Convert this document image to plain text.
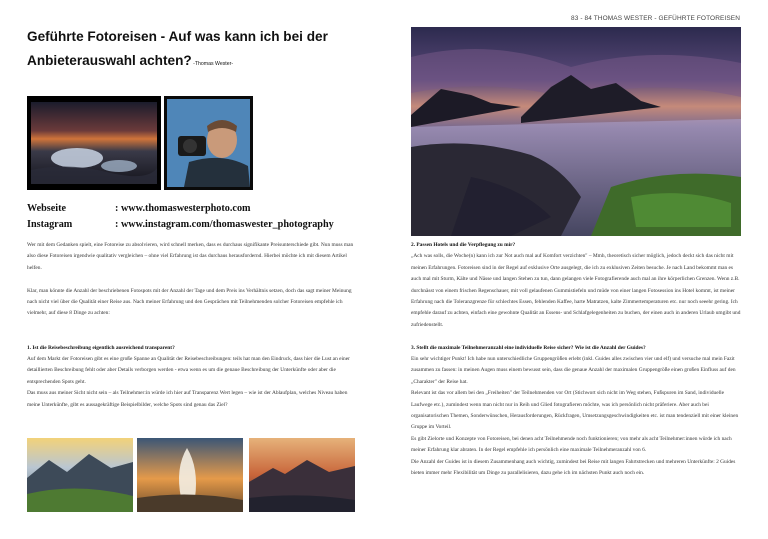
Geführte Fotoreisen - Auf was kann ich bei der Anbieterauswahl achten? -Thomas Wester-
Webseite	: www.thomaswesterphoto.com
Instagram	: www.instagram.com/thomaswester_photography

Wer mit dem Gedanken spielt, eine Fotoreise zu absolvieren, wird schnell merken, dass es durchaus signifikante Preisunterschiede gibt. Nun muss man also diese Fotoreisen irgendwie qualitativ vergleichen – ohne viel Erfahrung ist das durchaus herausfordernd. Hierbei möchte ich mit diesem Artikel helfen.

Klar, man könnte die Anzahl der beschriebenen Fotospots mit der Anzahl der Tage und dem Preis ins Verhältnis setzen, doch das sagt meiner Meinung nach nicht viel über die Qualität einer Reise aus. Nach meiner Erfahrung und den Gesprächen mit Teilnehmenden solcher Fotoreisen empfehle ich vielmehr, auf diese 8 Dinge zu achten:

1. Ist die Reisebeschreibung eigentlich ausreichend transparent?

Auf dem Markt der Fotoreisen gibt es eine große Spanne an Qualität der Reisebeschreibungen: teils hat man den Eindruck, dass hier die Lust an einer detaillierten Beschreibung fehlt oder aber Details verborgen werden - etwa wenn es um die genaue Beschreibung der Unterkünfte oder aber die entsprechenden Spots geht.

Das muss aus meiner Sicht nicht sein – als Teilnehmer:in würde ich hier auf Transparenz Wert legen – wie ist der Ablaufplan, welches Niveau haben meine Unterkünfte, gibt es aussagekräftige Beispielbilder, welche Spots sind genau das Ziel?

83 - 84 THOMAS WESTER - GEFÜHRTE FOTOREISEN

2. Passen Hotels und die Verpflegung zu mir?

„Ach was solls, die Woche(n) kann ich zur Not auch mal auf Komfort verzichten" – Mmh, theoretisch sicher möglich, jedoch deckt sich das nicht mit meinen Erfahrungen. Fotoreisen sind in der Regel auf exklusive Orte ausgelegt, die ich zu exklusiven Zeiten besuche. Je nach Land bekommt man es auch mal mit Sturm, Kälte und Nässe und langen Stehen zu tun, dann gelangen viele Fotografierende auch mal an ihre körperlichen Grenzen. Wenn z.B. durchnässt von einem frischen Regenschauer, mit voll gelaufenen Gummistiefeln und müde von einer langen Fotosession ins Hotel kommt, ist meiner Erfahrung nach die Toleranzgrenze für schlechtes Essen, fehlenden Kaffee, harte Matratzen, kalte Zimmertemperaturen etc. nur noch seeehr gering. Ich empfehle darauf zu achten, einfach eine gewohnte Qualität an Essens- und Schlafgelegenheiten zu buchen, der einen auch in anderen Urlaub umgibt und zufriedenstellt.

3. Stellt die maximale Teilnehmeranzahl eine individuelle Reise sicher? Wie ist die Anzahl der Guides?

Ein sehr wichtiger Punkt! Ich habe nun unterschiedliche Gruppengrößen erlebt (inkl. Guides alles zwischen vier und elf) und versuche mal mein Fazit zusammen zu fassen: in meinen Augen muss einem bewusst sein, dass die genaue Anzahl der maximalen Gruppengröße einen großen Einfluss auf den „Charakter" der Reise hat.

Relevant ist das vor allem bei den „Freiheiten" der Teilnehmenden vor Ort (Stichwort sich nicht im Weg stehen, Fußspuren im Sand, individuelle Laufwege etc.), zumindest wenn man nicht nur in Reih und Glied fotografieren möchte, was ich persönlich nicht präferiere. Aber auch bei organisatorischen Themen, Sonderwünschen, Herausforderungen, Rückfragen, Umsetzungsgeschwindigkeiten etc. ist man tendenziell mit einer kleinen Gruppe im Vorteil.

Es gibt Zielorte und Konzepte von Fotoreisen, bei denen acht Teilnehmende noch funktionieren; von mehr als acht Teilnehmer:innen würde ich nach meiner Erfahrung klar abraten. In der Regel empfehle ich persönlich eine maximale Teilnehmeranzahl von 6.

Die Anzahl der Guides ist in diesem Zusammenhang auch wichtig, zumindest bei Reise mit langen Fahrtstrecken und mehreren Unterkünfte: 2 Guides bieten immer mehr Flexibilität um Dinge zu parallelisieren, dazu gehe ich im nächsten Punkt auch noch ein.
